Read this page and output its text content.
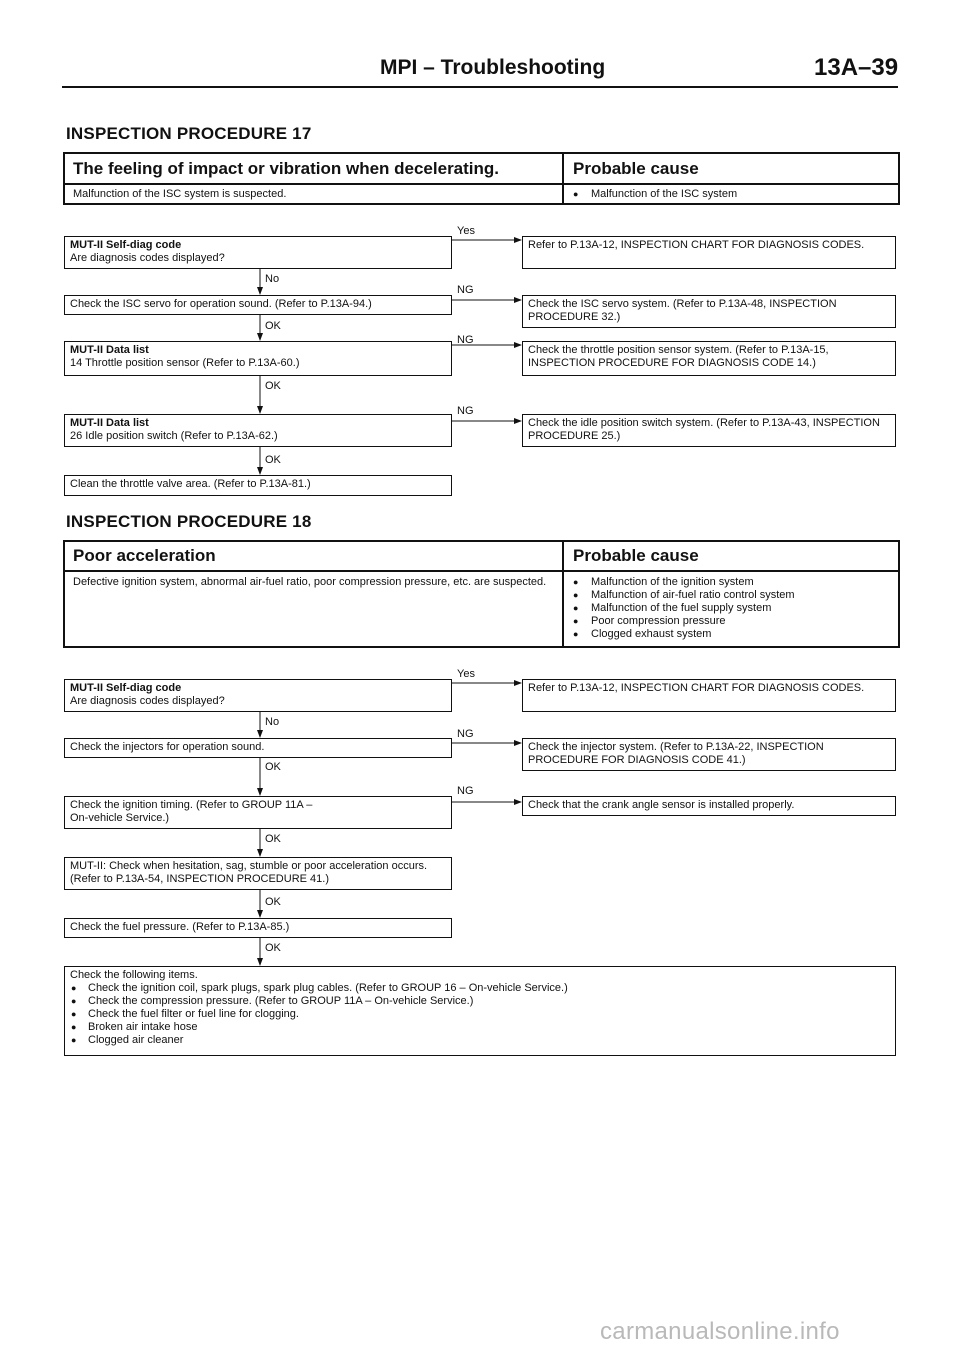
MPI – Troubleshooting	13A–39
INSPECTION PROCEDURE 17
The feeling of impact or vibration when decelerating.	Probable cause
Malfunction of the ISC system is suspected.	● Malfunction of the ISC system
MUT-II Self-diag code
Are diagnosis codes displayed?
Check the ISC servo for operation sound. (Refer to P.13A-94.)
MUT-II Data list
14 Throttle position sensor (Refer to P.13A-60.)
MUT-II Data list
26 Idle position switch (Refer to P.13A-62.)
Clean the throttle valve area. (Refer to P.13A-81.)
Refer to P.13A-12, INSPECTION CHART FOR DIAGNOSIS CODES.
Check the ISC servo system. (Refer to P.13A-48, INSPECTION PROCEDURE 32.)
Check the throttle position sensor system. (Refer to P.13A-15, INSPECTION PROCEDURE FOR DIAGNOSIS CODE 14.)
Check the idle position switch system. (Refer to P.13A-43, INSPECTION PROCEDURE 25.)
Yes
NG
NG
NG
No
OK
OK
OK
INSPECTION PROCEDURE 18
Poor acceleration	Probable cause
Defective ignition system, abnormal air-fuel ratio, poor compression pressure, etc. are suspected.	● Malfunction of the ignition system
● Malfunction of air-fuel ratio control system
● Malfunction of the fuel supply system
● Poor compression pressure
● Clogged exhaust system
MUT-II Self-diag code
Are diagnosis codes displayed?
Check the injectors for operation sound.
Check the ignition timing. (Refer to GROUP 11A – On-vehicle Service.)
MUT-II: Check when hesitation, sag, stumble or poor acceleration occurs. (Refer to P.13A-54, INSPECTION PROCEDURE 41.)
Check the fuel pressure. (Refer to P.13A-85.)
Refer to P.13A-12, INSPECTION CHART FOR DIAGNOSIS CODES.
Check the injector system. (Refer to P.13A-22, INSPECTION PROCEDURE FOR DIAGNOSIS CODE 41.)
Check that the crank angle sensor is installed properly.
Check the following items.
● Check the ignition coil, spark plugs, spark plug cables. (Refer to GROUP 16 – On-vehicle Service.)
● Check the compression pressure. (Refer to GROUP 11A – On-vehicle Service.)
● Check the fuel filter or fuel line for clogging.
● Broken air intake hose
● Clogged air cleaner
Yes
NG
NG
No
OK
OK
OK
OK
carmanualsonline.info
